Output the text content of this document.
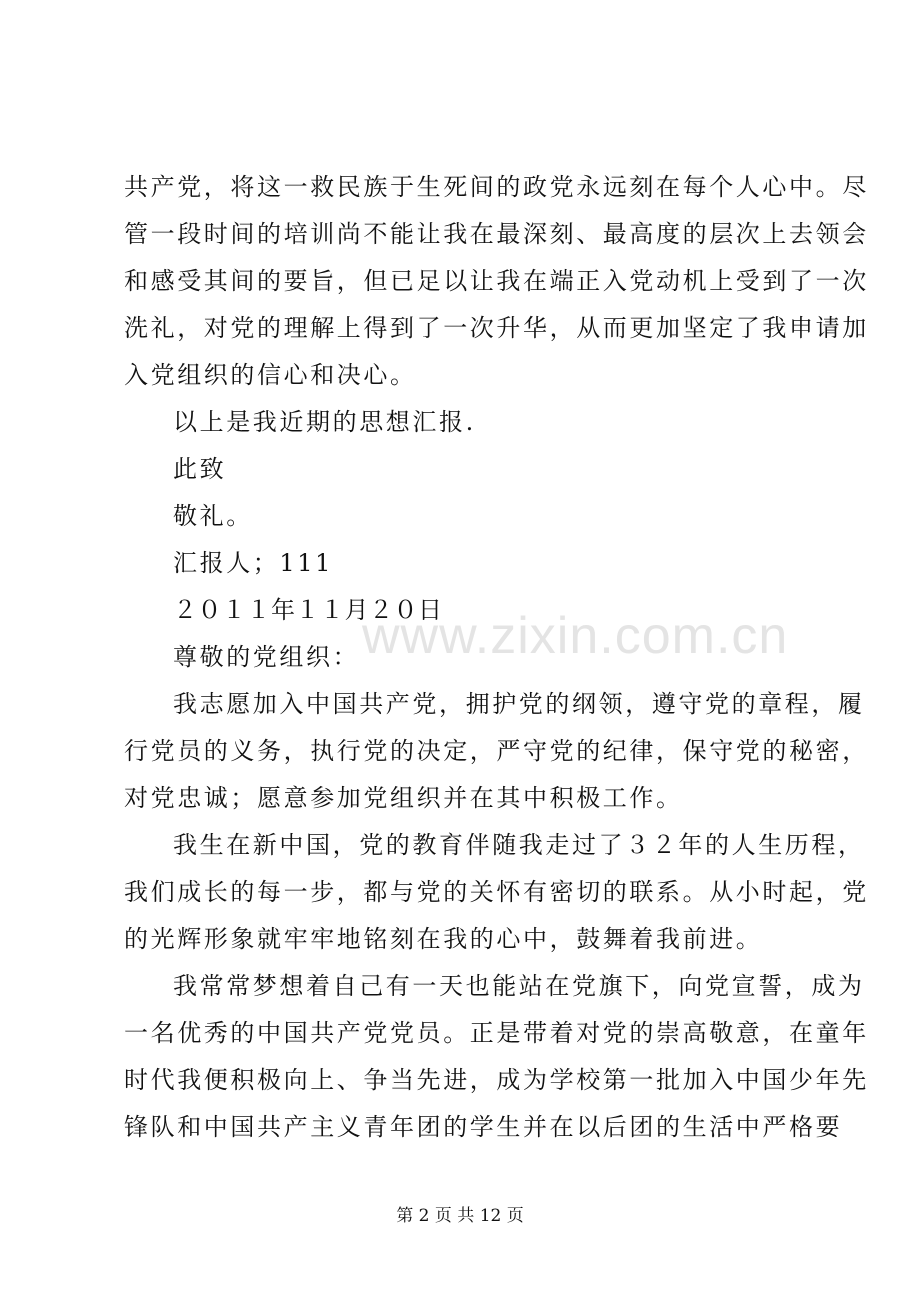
www.zixin.com.cn
共产党，将这一救民族于生死间的政党永远刻在每个人心中。尽
管一段时间的培训尚不能让我在最深刻、最高度的层次上去领会
和感受其间的要旨，但已足以让我在端正入党动机上受到了一次
洗礼，对党的理解上得到了一次升华，从而更加坚定了我申请加
入党组织的信心和决心。
以上是我近期的思想汇报.
此致
敬礼。
汇报人；111
２０１１年１１月２０日
尊敬的党组织：
我志愿加入中国共产党，拥护党的纲领，遵守党的章程，履
行党员的义务，执行党的决定，严守党的纪律，保守党的秘密，
对党忠诚；愿意参加党组织并在其中积极工作。
我生在新中国，党的教育伴随我走过了３２年的人生历程，
我们成长的每一步，都与党的关怀有密切的联系。从小时起，党
的光辉形象就牢牢地铭刻在我的心中，鼓舞着我前进。
我常常梦想着自己有一天也能站在党旗下，向党宣誓，成为
一名优秀的中国共产党党员。正是带着对党的崇高敬意，在童年
时代我便积极向上、争当先进，成为学校第一批加入中国少年先
锋队和中国共产主义青年团的学生并在以后团的生活中严格要
第 2 页 共 12 页
